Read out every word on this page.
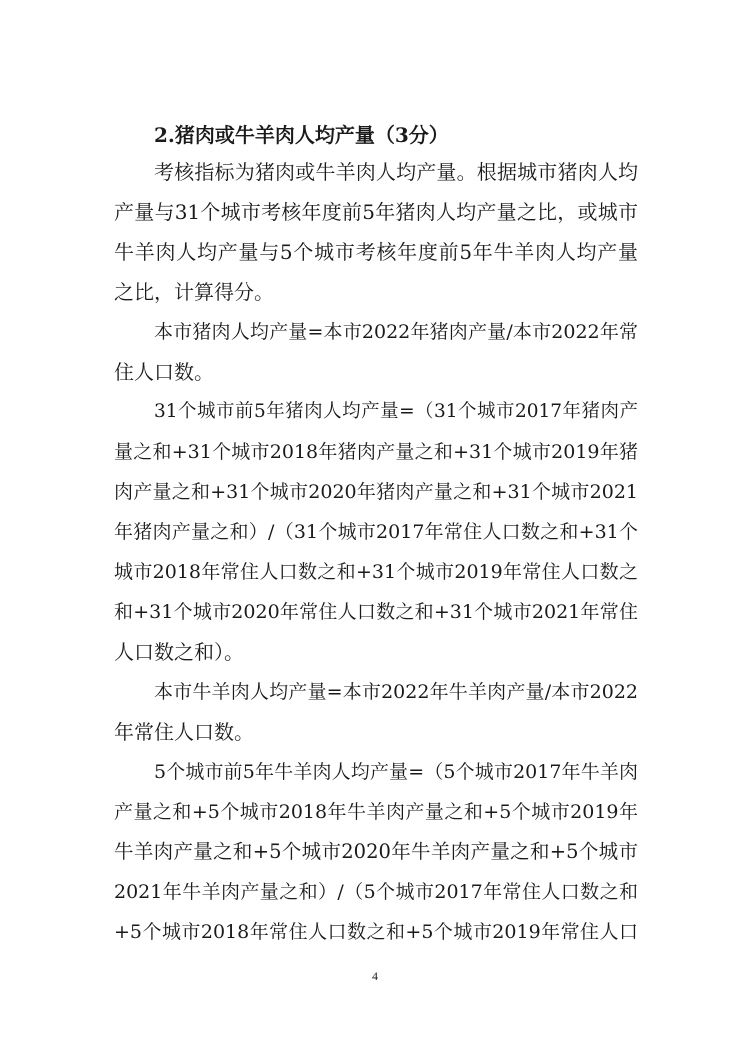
2.猪肉或牛羊肉人均产量（3分）
考核指标为猪肉或牛羊肉人均产量。根据城市猪肉人均
产量与31个城市考核年度前5年猪肉人均产量之比，或城市
牛羊肉人均产量与5个城市考核年度前5年牛羊肉人均产量
之比，计算得分。
本市猪肉人均产量=本市2022年猪肉产量/本市2022年常
住人口数。
31个城市前5年猪肉人均产量=（31个城市2017年猪肉产
量之和+31个城市2018年猪肉产量之和+31个城市2019年猪
肉产量之和+31个城市2020年猪肉产量之和+31个城市2021
年猪肉产量之和）/（31个城市2017年常住人口数之和+31个
城市2018年常住人口数之和+31个城市2019年常住人口数之
和+31个城市2020年常住人口数之和+31个城市2021年常住
人口数之和）。
本市牛羊肉人均产量=本市2022年牛羊肉产量/本市2022
年常住人口数。
5个城市前5年牛羊肉人均产量=（5个城市2017年牛羊肉
产量之和+5个城市2018年牛羊肉产量之和+5个城市2019年
牛羊肉产量之和+5个城市2020年牛羊肉产量之和+5个城市
2021年牛羊肉产量之和）/（5个城市2017年常住人口数之和
+5个城市2018年常住人口数之和+5个城市2019年常住人口
4
